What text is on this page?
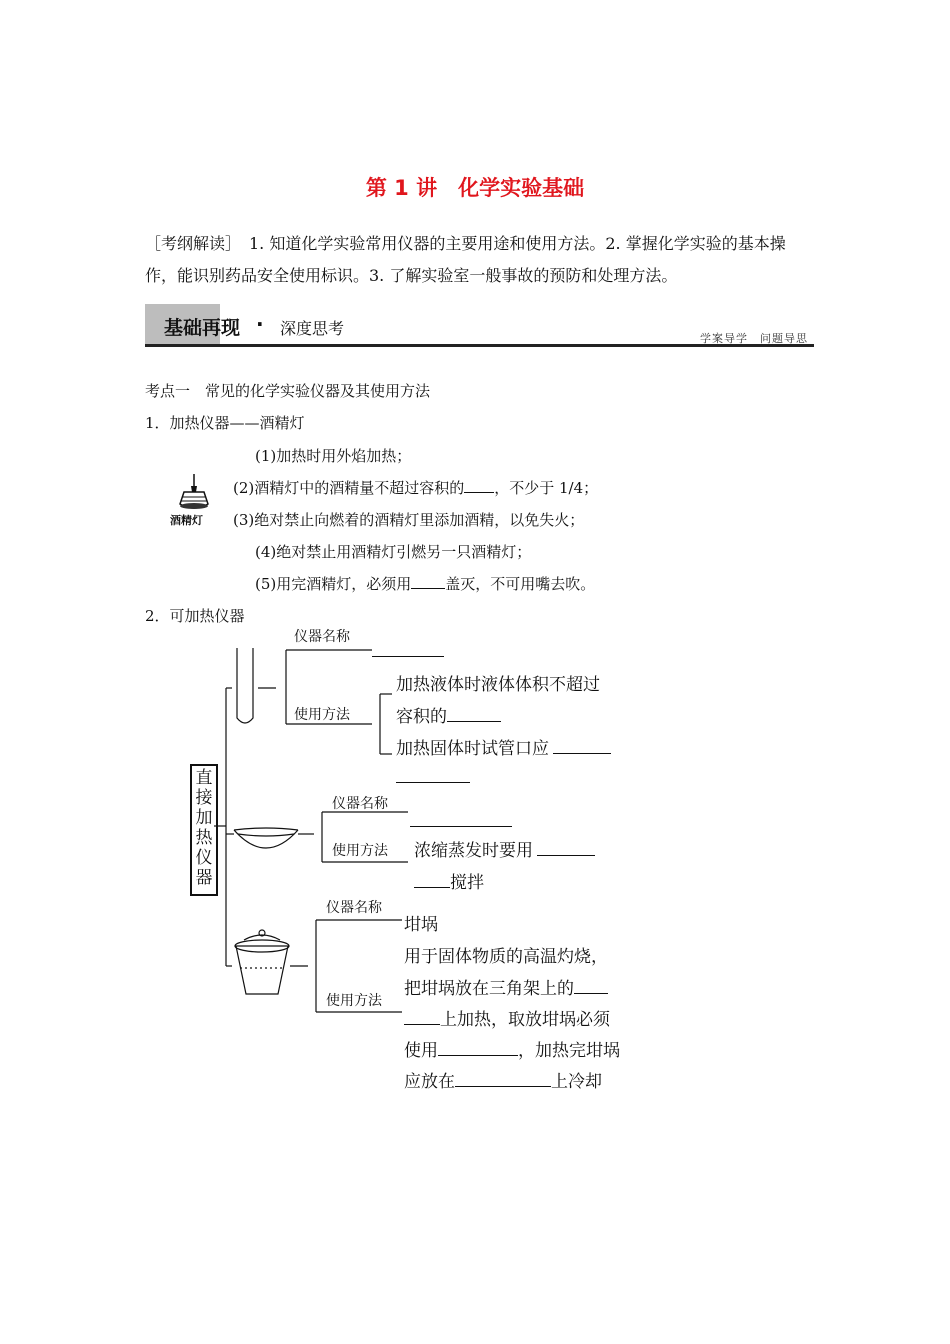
第 1 讲　化学实验基础
［考纲解读］　1. 知道化学实验常用仪器的主要用途和使用方法。2. 掌握化学实验的基本操
作，能识别药品安全使用标识。3. 了解实验室一般事故的预防和处理方法。
基础再现 · 深度思考
学案导学　问题导思
考点一　常见的化学实验仪器及其使用方法
1．加热仪器——酒精灯
酒精灯
(1)加热时用外焰加热；
(2)酒精灯中的酒精量不超过容积的 ，不少于 1/4；
(3)绝对禁止向燃着的酒精灯里添加酒精，以免失火；
(4)绝对禁止用酒精灯引燃另一只酒精灯；
(5)用完酒精灯，必须用 盖灭，不可用嘴去吹。
2．可加热仪器
直接加热仪器
仪器名称
使用方法
加热液体时液体体积不超过
容积的
加热固体时试管口应
仪器名称
使用方法 浓缩蒸发时要用
搅拌
仪器名称
坩埚
使用方法
用于固体物质的高温灼烧，
把坩埚放在三角架上的
上加热，取放坩埚必须
使用	，加热完坩埚
应放在	上冷却
